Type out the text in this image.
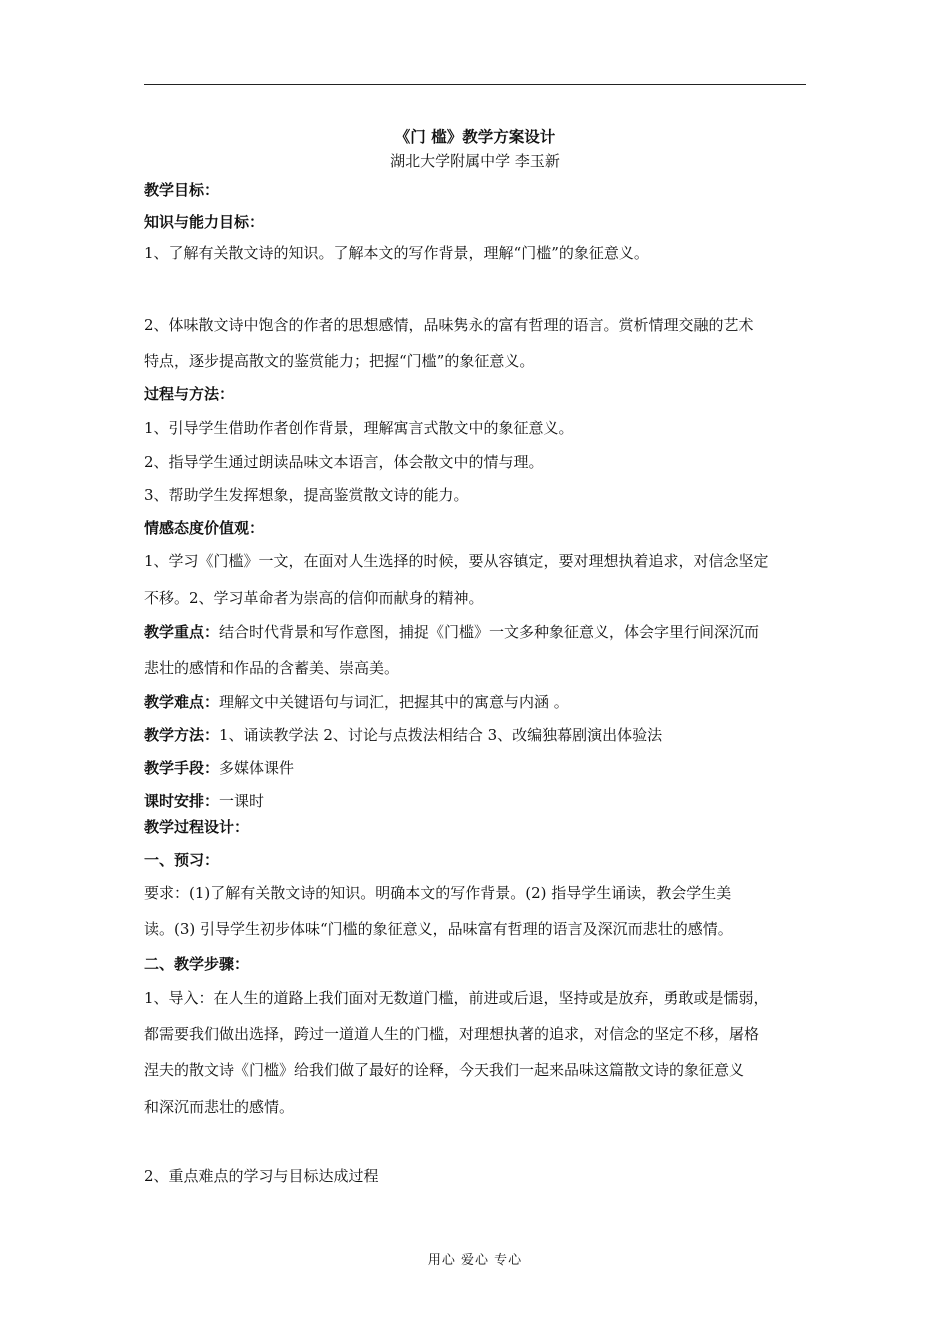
《门 槛》教学方案设计
湖北大学附属中学 李玉新
教学目标：
知识与能力目标：
1、了解有关散文诗的知识。了解本文的写作背景，理解“门槛”的象征意义。
2、体味散文诗中饱含的作者的思想感情，品味隽永的富有哲理的语言。赏析情理交融的艺术
特点，逐步提高散文的鉴赏能力；把握“门槛”的象征意义。
过程与方法：
1、引导学生借助作者创作背景，理解寓言式散文中的象征意义。
2、指导学生通过朗读品味文本语言，体会散文中的情与理。
3、帮助学生发挥想象，提高鉴赏散文诗的能力。
情感态度价值观：
1、学习《门槛》一文，在面对人生选择的时候，要从容镇定，要对理想执着追求，对信念坚定
不移。2、学习革命者为崇高的信仰而献身的精神。
教学重点：结合时代背景和写作意图，捕捉《门槛》一文多种象征意义，体会字里行间深沉而
悲壮的感情和作品的含蓄美、崇高美。
教学难点：理解文中关键语句与词汇，把握其中的寓意与内涵 。
教学方法：1、诵读教学法 2、讨论与点拨法相结合 3、改编独幕剧演出体验法
教学手段：多媒体课件
课时安排：一课时
教学过程设计：
一、预习：
要求：(1)了解有关散文诗的知识。明确本文的写作背景。(2) 指导学生诵读，教会学生美
读。(3) 引导学生初步体味“门槛的象征意义，品味富有哲理的语言及深沉而悲壮的感情。
二、教学步骤：
1、导入：在人生的道路上我们面对无数道门槛，前进或后退，坚持或是放弃，勇敢或是懦弱，
都需要我们做出选择，跨过一道道人生的门槛，对理想执著的追求，对信念的坚定不移，屠格
涅夫的散文诗《门槛》给我们做了最好的诠释，今天我们一起来品味这篇散文诗的象征意义
和深沉而悲壮的感情。
2、重点难点的学习与目标达成过程
用心 爱心 专心
